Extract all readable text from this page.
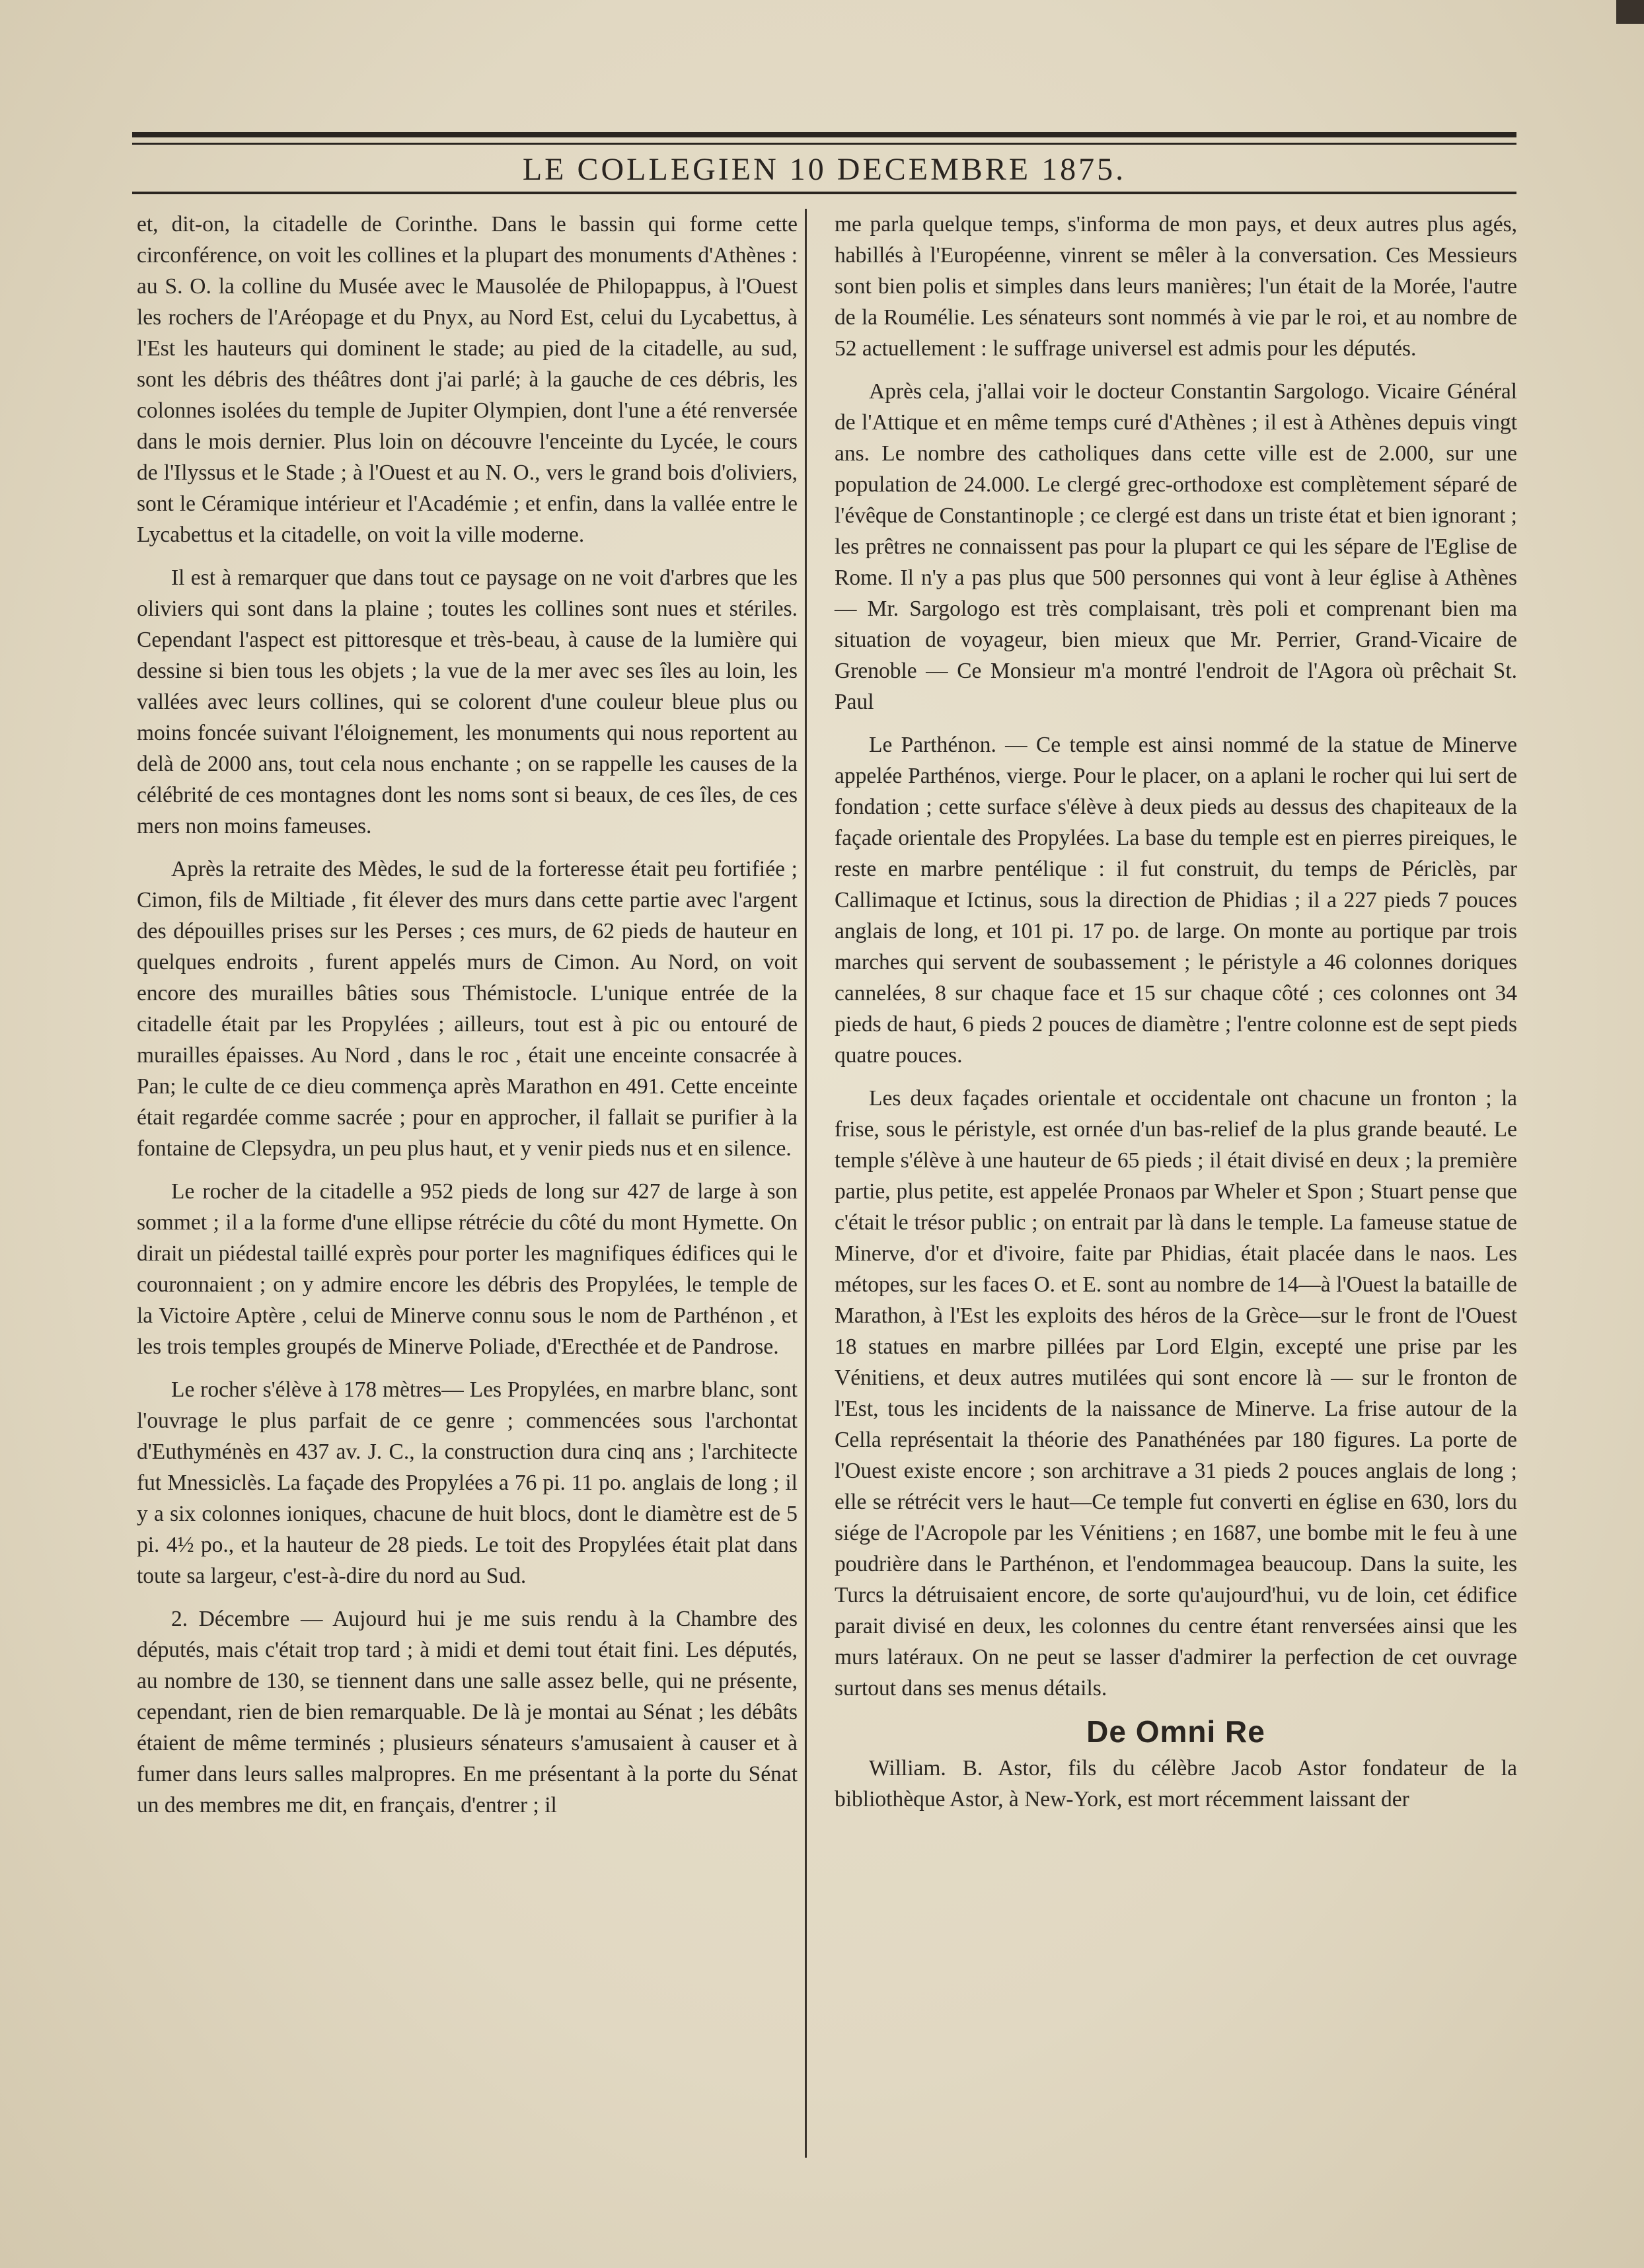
LE COLLEGIEN 10 DECEMBRE 1875.

et, dit-on, la citadelle de Corinthe. Dans le bassin qui forme cette circonférence, on voit les collines et la plupart des monuments d'Athènes : au S. O. la colline du Musée avec le Mausolée de Philopappus, à l'Ouest les rochers de l'Aréopage et du Pnyx, au Nord Est, celui du Lycabettus, à l'Est les hauteurs qui dominent le stade; au pied de la citadelle, au sud, sont les débris des théâtres dont j'ai parlé; à la gauche de ces débris, les colonnes isolées du temple de Jupiter Olympien, dont l'une a été renversée dans le mois dernier. Plus loin on découvre l'enceinte du Lycée, le cours de l'Ilyssus et le Stade ; à l'Ouest et au N. O., vers le grand bois d'oliviers, sont le Céramique intérieur et l'Académie ; et enfin, dans la vallée entre le Lycabettus et la citadelle, on voit la ville moderne.

Il est à remarquer que dans tout ce paysage on ne voit d'arbres que les oliviers qui sont dans la plaine ; toutes les collines sont nues et stériles. Cependant l'aspect est pittoresque et très-beau, à cause de la lumière qui dessine si bien tous les objets ; la vue de la mer avec ses îles au loin, les vallées avec leurs collines, qui se colorent d'une couleur bleue plus ou moins foncée suivant l'éloignement, les monuments qui nous reportent au delà de 2000 ans, tout cela nous enchante ; on se rappelle les causes de la célébrité de ces montagnes dont les noms sont si beaux, de ces îles, de ces mers non moins fameuses.

Après la retraite des Mèdes, le sud de la forteresse était peu fortifiée ; Cimon, fils de Miltiade , fit élever des murs dans cette partie avec l'argent des dépouilles prises sur les Perses ; ces murs, de 62 pieds de hauteur en quelques endroits , furent appelés murs de Cimon. Au Nord, on voit encore des murailles bâties sous Thémistocle. L'unique entrée de la citadelle était par les Propylées ; ailleurs, tout est à pic ou entouré de murailles épaisses. Au Nord , dans le roc , était une enceinte consacrée à Pan; le culte de ce dieu commença après Marathon en 491. Cette enceinte était regardée comme sacrée ; pour en approcher, il fallait se purifier à la fontaine de Clepsydra, un peu plus haut, et y venir pieds nus et en silence.

Le rocher de la citadelle a 952 pieds de long sur 427 de large à son sommet ; il a la forme d'une ellipse rétrécie du côté du mont Hymette. On dirait un piédestal taillé exprès pour porter les magnifiques édifices qui le couronnaient ; on y admire encore les débris des Propylées, le temple de la Victoire Aptère , celui de Minerve connu sous le nom de Parthénon , et les trois temples groupés de Minerve Poliade, d'Erecthée et de Pandrose.

Le rocher s'élève à 178 mètres— Les Propylées, en marbre blanc, sont l'ouvrage le plus parfait de ce genre ; commencées sous l'archontat d'Euthyménès en 437 av. J. C., la construction dura cinq ans ; l'architecte fut Mnessiclès. La façade des Propylées a 76 pi. 11 po. anglais de long ; il y a six colonnes ioniques, chacune de huit blocs, dont le diamètre est de 5 pi. 4½ po., et la hauteur de 28 pieds. Le toit des Propylées était plat dans toute sa largeur, c'est-à-dire du nord au Sud.

2. Décembre — Aujourd hui je me suis rendu à la Chambre des députés, mais c'était trop tard ; à midi et demi tout était fini. Les députés, au nombre de 130, se tiennent dans une salle assez belle, qui ne présente, cependant, rien de bien remarquable. De là je montai au Sénat ; les débâts étaient de même terminés ; plusieurs sénateurs s'amusaient à causer et à fumer dans leurs salles malpropres. En me présentant à la porte du Sénat un des membres me dit, en français, d'entrer ; il

me parla quelque temps, s'informa de mon pays, et deux autres plus agés, habillés à l'Européenne, vinrent se mêler à la conversation. Ces Messieurs sont bien polis et simples dans leurs manières; l'un était de la Morée, l'autre de la Roumélie. Les sénateurs sont nommés à vie par le roi, et au nombre de 52 actuellement : le suffrage universel est admis pour les députés.

Après cela, j'allai voir le docteur Constantin Sargologo. Vicaire Général de l'Attique et en même temps curé d'Athènes ; il est à Athènes depuis vingt ans. Le nombre des catholiques dans cette ville est de 2.000, sur une population de 24.000. Le clergé grec-orthodoxe est complètement séparé de l'évêque de Constantinople ; ce clergé est dans un triste état et bien ignorant ; les prêtres ne connaissent pas pour la plupart ce qui les sépare de l'Eglise de Rome. Il n'y a pas plus que 500 personnes qui vont à leur église à Athènes — Mr. Sargologo est très complaisant, très poli et comprenant bien ma situation de voyageur, bien mieux que Mr. Perrier, Grand-Vicaire de Grenoble — Ce Monsieur m'a montré l'endroit de l'Agora où prêchait St. Paul

Le Parthénon. — Ce temple est ainsi nommé de la statue de Minerve appelée Parthénos, vierge. Pour le placer, on a aplani le rocher qui lui sert de fondation ; cette surface s'élève à deux pieds au dessus des chapiteaux de la façade orientale des Propylées. La base du temple est en pierres pireiques, le reste en marbre pentélique : il fut construit, du temps de Périclès, par Callimaque et Ictinus, sous la direction de Phidias ; il a 227 pieds 7 pouces anglais de long, et 101 pi. 17 po. de large. On monte au portique par trois marches qui servent de soubassement ; le péristyle a 46 colonnes doriques cannelées, 8 sur chaque face et 15 sur chaque côté ; ces colonnes ont 34 pieds de haut, 6 pieds 2 pouces de diamètre ; l'entre colonne est de sept pieds quatre pouces.

Les deux façades orientale et occidentale ont chacune un fronton ; la frise, sous le péristyle, est ornée d'un bas-relief de la plus grande beauté. Le temple s'élève à une hauteur de 65 pieds ; il était divisé en deux ; la première partie, plus petite, est appelée Pronaos par Wheler et Spon ; Stuart pense que c'était le trésor public ; on entrait par là dans le temple. La fameuse statue de Minerve, d'or et d'ivoire, faite par Phidias, était placée dans le naos. Les métopes, sur les faces O. et E. sont au nombre de 14—à l'Ouest la bataille de Marathon, à l'Est les exploits des héros de la Grèce—sur le front de l'Ouest 18 statues en marbre pillées par Lord Elgin, excepté une prise par les Vénitiens, et deux autres mutilées qui sont encore là — sur le fronton de l'Est, tous les incidents de la naissance de Minerve. La frise autour de la Cella représentait la théorie des Panathénées par 180 figures. La porte de l'Ouest existe encore ; son architrave a 31 pieds 2 pouces anglais de long ; elle se rétrécit vers le haut—Ce temple fut converti en église en 630, lors du siége de l'Acropole par les Vénitiens ; en 1687, une bombe mit le feu à une poudrière dans le Parthénon, et l'endommagea beaucoup. Dans la suite, les Turcs la détruisaient encore, de sorte qu'aujourd'hui, vu de loin, cet édifice parait divisé en deux, les colonnes du centre étant renversées ainsi que les murs latéraux. On ne peut se lasser d'admirer la perfection de cet ouvrage surtout dans ses menus détails.

De Omni Re

William. B. Astor, fils du célèbre Jacob Astor fondateur de la bibliothèque Astor, à New-York, est mort récemment laissant der
